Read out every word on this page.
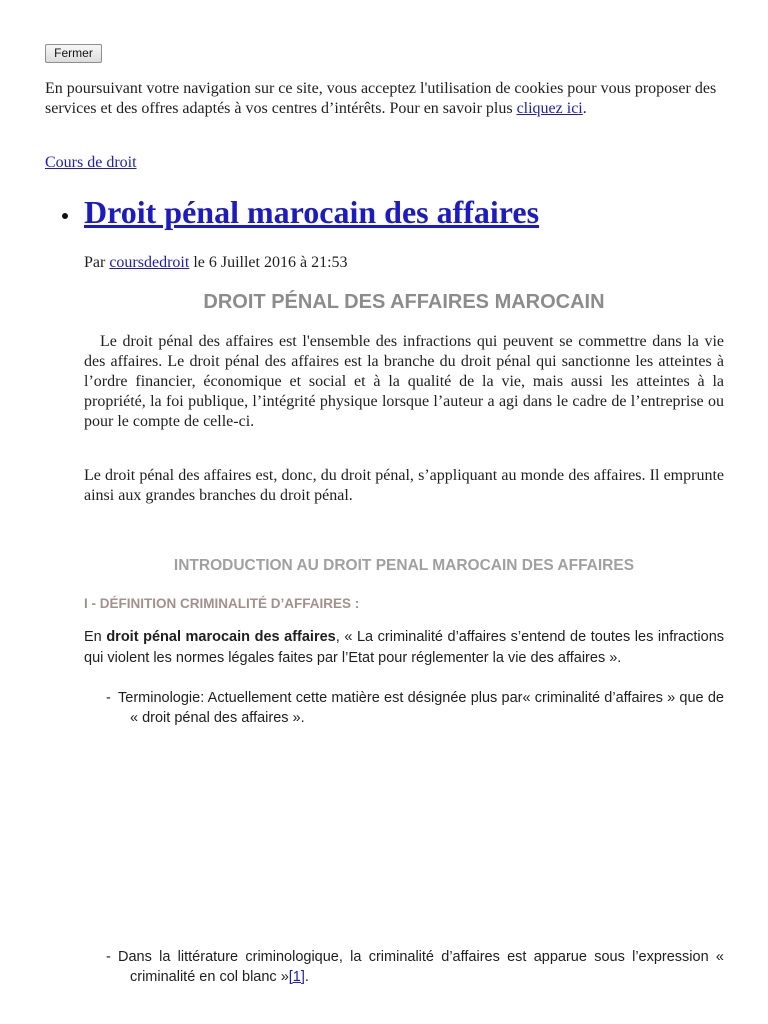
Fermer

En poursuivant votre navigation sur ce site, vous acceptez l'utilisation de cookies pour vous proposer des services et des offres adaptés à vos centres d’intérêts. Pour en savoir plus cliquez ici.

Cours de droit
Droit pénal marocain des affaires
Par coursdedroit le 6 Juillet 2016 à 21:53
DROIT PÉNAL DES AFFAIRES MAROCAIN

Le droit pénal des affaires est l'ensemble des infractions qui peuvent se commettre dans la vie des affaires. Le droit pénal des affaires est la branche du droit pénal qui sanctionne les atteintes à l’ordre financier, économique et social et à la qualité de la vie, mais aussi les atteintes à la propriété, la foi publique, l’intégrité physique lorsque l’auteur a agi dans le cadre de l’entreprise ou pour le compte de celle-ci.

Le droit pénal des affaires est, donc, du droit pénal, s’appliquant au monde des affaires. Il emprunte ainsi aux grandes branches du droit pénal.

INTRODUCTION AU DROIT PENAL MAROCAIN DES AFFAIRES
I - DÉFINITION CRIMINALITÉ D’AFFAIRES :

En droit pénal marocain des affaires, « La criminalité d’affaires s’entend de toutes les infractions qui violent les normes légales faites par l’Etat pour réglementer la vie des affaires ».

- Terminologie: Actuellement cette matière est désignée plus par« criminalité d’affaires » que de « droit pénal des affaires ».

- Dans la littérature criminologique, la criminalité d’affaires est apparue sous l’expression « criminalité en col blanc »[1].
